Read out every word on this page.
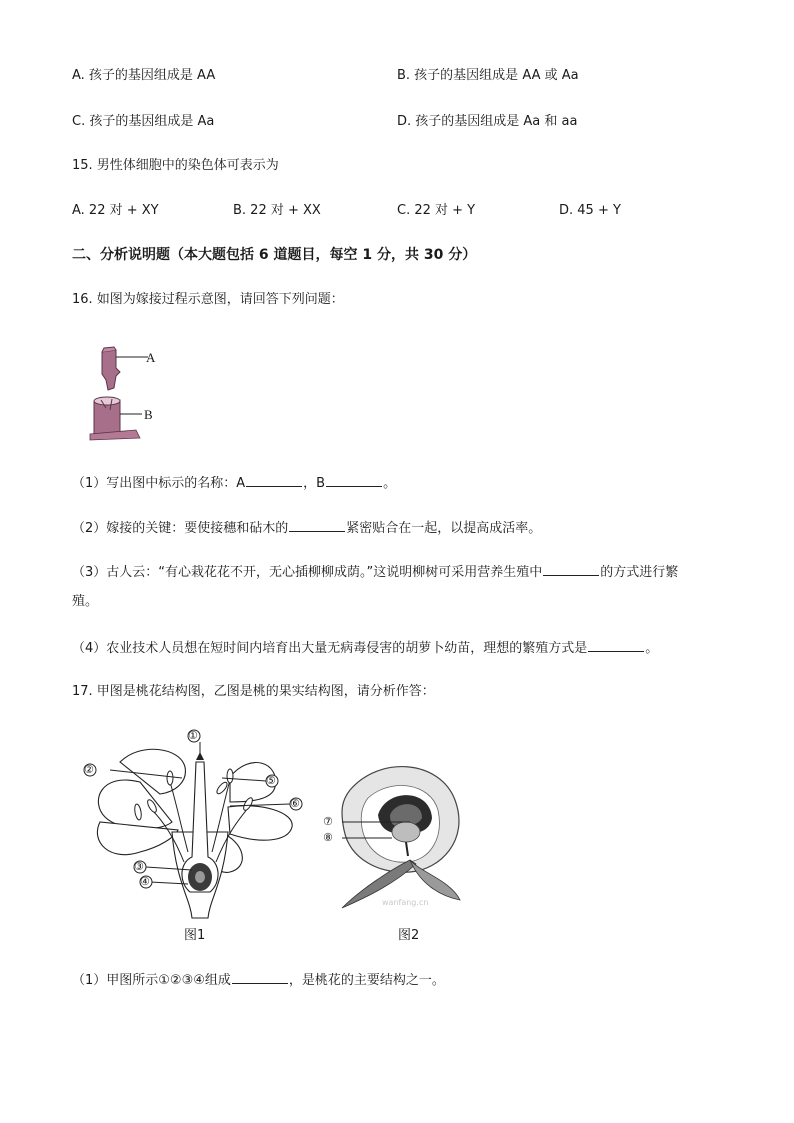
A. 孩子的基因组成是 AA	B. 孩子的基因组成是 AA 或 Aa
C. 孩子的基因组成是 Aa	D. 孩子的基因组成是 Aa 和 aa
15. 男性体细胞中的染色体可表示为
A. 22 对 + XY	B. 22 对 + XX	C. 22 对 + Y	D. 45 + Y
二、分析说明题（本大题包括 6 道题目，每空 1 分，共 30 分）
16. 如图为嫁接过程示意图，请回答下列问题：
A
B
（1）写出图中标示的名称：A	，B	。
（2）嫁接的关键：要使接穗和砧木的	紧密贴合在一起，以提高成活率。
（3）古人云：“有心栽花花不开，无心插柳柳成荫。”这说明柳树可采用营养生殖中	的方式进行繁
殖。
（4）农业技术人员想在短时间内培育出大量无病毒侵害的胡萝卜幼苗，理想的繁殖方式是	。
17. 甲图是桃花结构图，乙图是桃的果实结构图，请分析作答：
①
②
⑤
⑥
③
④
图1
⑦
⑧
wanfang.cn
图2
（1）甲图所示①②③④组成	，是桃花的主要结构之一。
